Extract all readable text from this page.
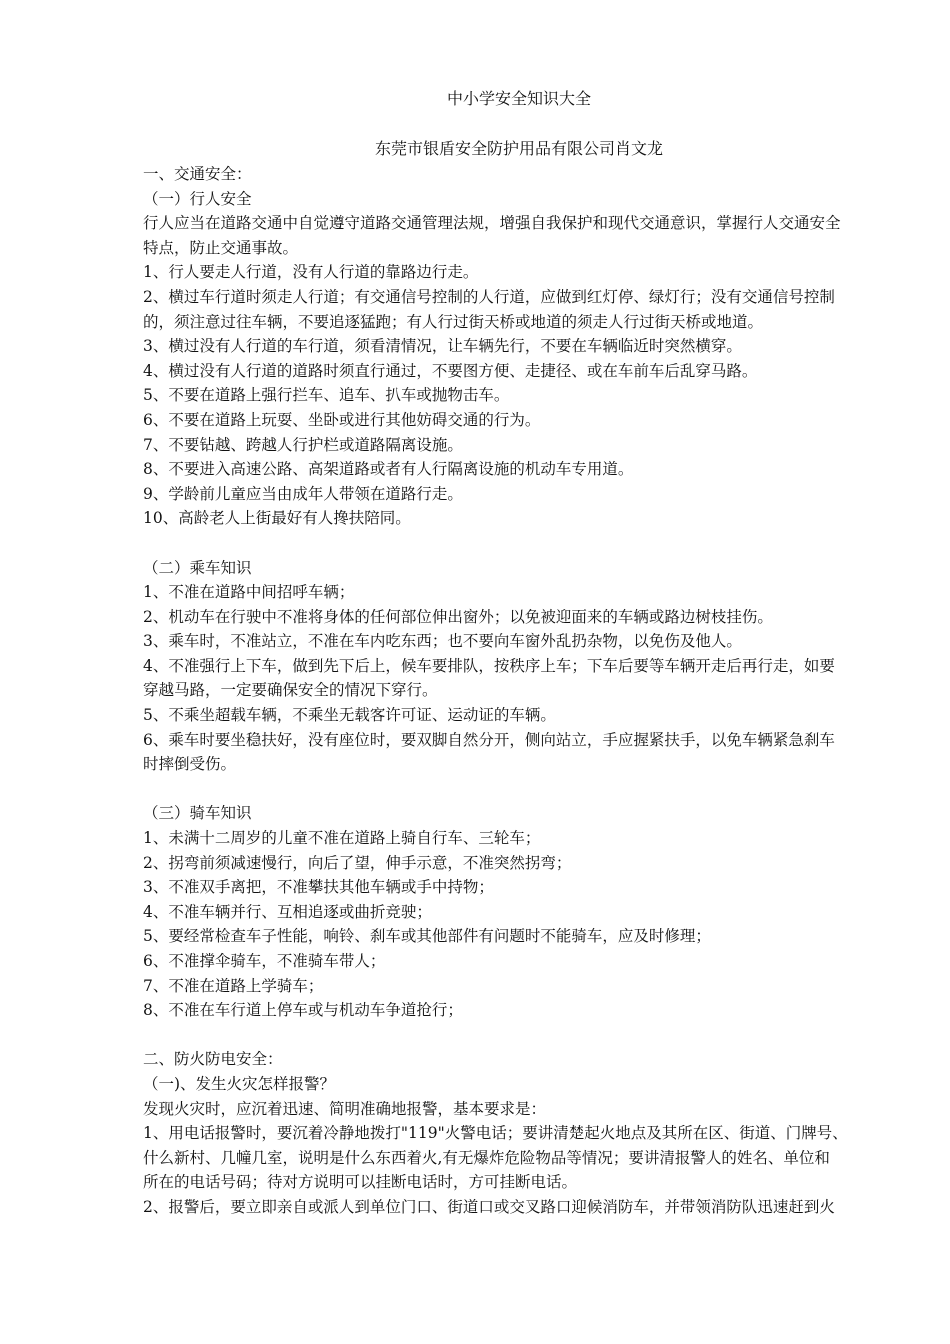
中小学安全知识大全
东莞市银盾安全防护用品有限公司肖文龙
一、交通安全：
（一）行人安全
行人应当在道路交通中自觉遵守道路交通管理法规，增强自我保护和现代交通意识，掌握行人交通安全
特点，防止交通事故。
1、行人要走人行道，没有人行道的靠路边行走。
2、横过车行道时须走人行道；有交通信号控制的人行道，应做到红灯停、绿灯行；没有交通信号控制
的，须注意过往车辆，不要追逐猛跑；有人行过街天桥或地道的须走人行过街天桥或地道。
3、横过没有人行道的车行道，须看清情况，让车辆先行，不要在车辆临近时突然横穿。
4、横过没有人行道的道路时须直行通过，不要图方便、走捷径、或在车前车后乱穿马路。
5、不要在道路上强行拦车、追车、扒车或抛物击车。
6、不要在道路上玩耍、坐卧或进行其他妨碍交通的行为。
7、不要钻越、跨越人行护栏或道路隔离设施。
8、不要进入高速公路、高架道路或者有人行隔离设施的机动车专用道。
9、学龄前儿童应当由成年人带领在道路行走。
10、高龄老人上街最好有人搀扶陪同。
（二）乘车知识
1、不准在道路中间招呼车辆；
2、机动车在行驶中不准将身体的任何部位伸出窗外；以免被迎面来的车辆或路边树枝挂伤。
3、乘车时，不准站立，不准在车内吃东西；也不要向车窗外乱扔杂物，以免伤及他人。
4、不准强行上下车，做到先下后上，候车要排队，按秩序上车；下车后要等车辆开走后再行走，如要
穿越马路，一定要确保安全的情况下穿行。
5、不乘坐超载车辆，不乘坐无载客许可证、运动证的车辆。
6、乘车时要坐稳扶好，没有座位时，要双脚自然分开，侧向站立，手应握紧扶手，以免车辆紧急刹车
时摔倒受伤。
（三）骑车知识
1、未满十二周岁的儿童不准在道路上骑自行车、三轮车；
2、拐弯前须减速慢行，向后了望，伸手示意，不准突然拐弯；
3、不准双手离把，不准攀扶其他车辆或手中持物；
4、不准车辆并行、互相追逐或曲折竞驶；
5、要经常检查车子性能，响铃、刹车或其他部件有问题时不能骑车，应及时修理；
6、不准撑伞骑车，不准骑车带人；
7、不准在道路上学骑车；
8、不准在车行道上停车或与机动车争道抢行；
二、防火防电安全：
（一)、发生火灾怎样报警？
发现火灾时，应沉着迅速、简明准确地报警，基本要求是：
1、用电话报警时，要沉着冷静地拨打"119"火警电话；要讲清楚起火地点及其所在区、街道、门牌号、
什么新村、几幢几室，说明是什么东西着火,有无爆炸危险物品等情况；要讲清报警人的姓名、单位和
所在的电话号码；待对方说明可以挂断电话时，方可挂断电话。
2、报警后，要立即亲自或派人到单位门口、街道口或交叉路口迎候消防车，并带领消防队迅速赶到火
